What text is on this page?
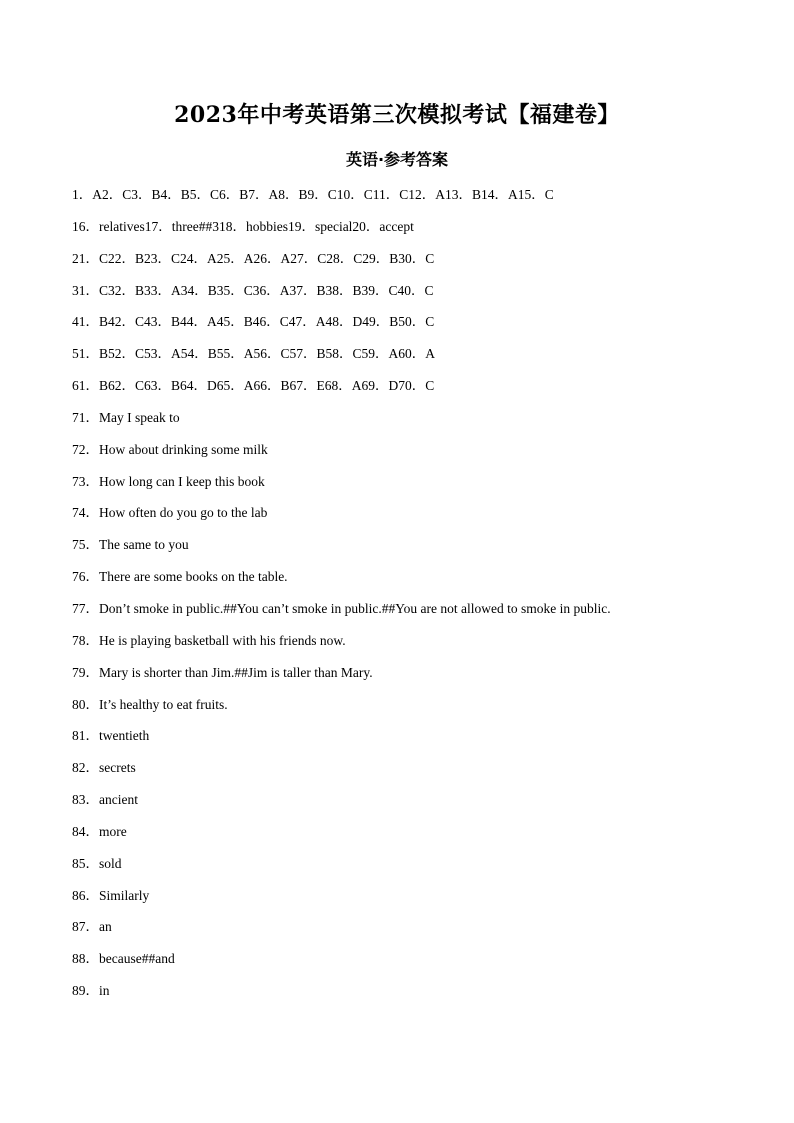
2023年中考英语第三次模拟考试【福建卷】
英语·参考答案
1．A2．C3．B4．B5．C6．B7．A8．B9．C10．C11．C12．A13．B14．A15．C
16．relatives17．three##318．hobbies19．special20．accept
21．C22．B23．C24．A25．A26．A27．C28．C29．B30．C
31．C32．B33．A34．B35．C36．A37．B38．B39．C40．C
41．B42．C43．B44．A45．B46．C47．A48．D49．B50．C
51．B52．C53．A54．B55．A56．C57．B58．C59．A60．A
61．B62．C63．B64．D65．A66．B67．E68．A69．D70．C
71．May I speak to
72．How about drinking some milk
73．How long can I keep this book
74．How often do you go to the lab
75．The same to you
76．There are some books on the table.
77．Don’t smoke in public.##You can’t smoke in public.##You are not allowed to smoke in public.
78．He is playing basketball with his friends now.
79．Mary is shorter than Jim.##Jim is taller than Mary.
80．It’s healthy to eat fruits.
81．twentieth
82．secrets
83．ancient
84．more
85．sold
86．Similarly
87．an
88．because##and
89．in
